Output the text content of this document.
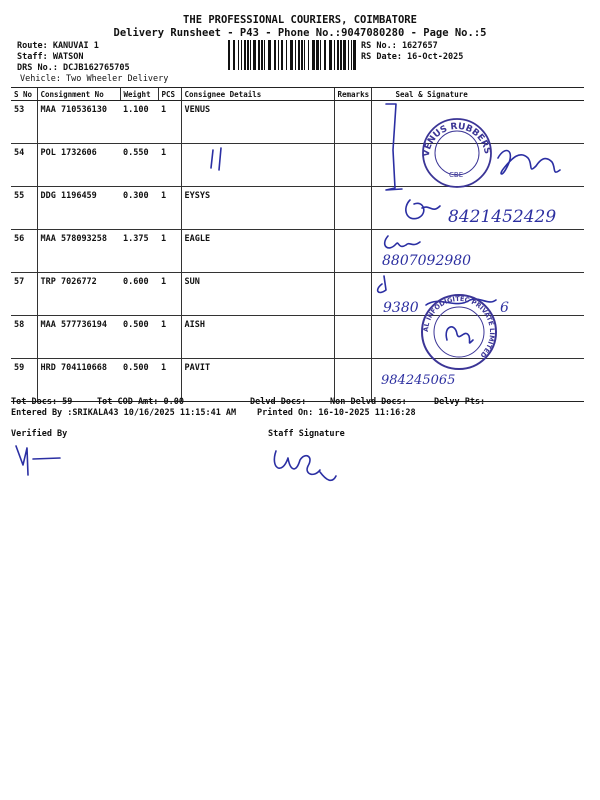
THE PROFESSIONAL COURIERS, COIMBATORE
Delivery Runsheet - P43 - Phone No.:9047080280 - Page No.:5
Route: KANUVAI 1
Staff: WATSON
DRS No.: DCJB162765705
Vehicle: Two Wheeler Delivery
RS No.: 1627657
RS Date: 16-Oct-2025
S No	Consignment No	Weight	PCS	Consignee Details	Remarks	Seal & Signature
53	MAA 710536130	1.100	1	VENUS		
54	POL 1732606	0.550	1			
55	DDG 1196459	0.300	1	EYSYS		
56	MAA 578093258	1.375	1	EAGLE		
57	TRP 7026772	0.600	1	SUN		
58	MAA 577736194	0.500	1	AISH		
59	HRD 704110668	0.500	1	PAVIT		
VENUS RUBBERS
CBE
8421452429
8807092980
9380	6
AL INFODIGITEC PRIVATE LIMITED
984245065
Tot Docs: 59	Tot COD Amt: 0.00	Delvd Docs:	Non Delvd Docs:	Delvy Pts:
Entered By :SRIKALA43 10/16/2025 11:15:41 AM Printed On: 16-10-2025 11:16:28
Verified By	Staff Signature
